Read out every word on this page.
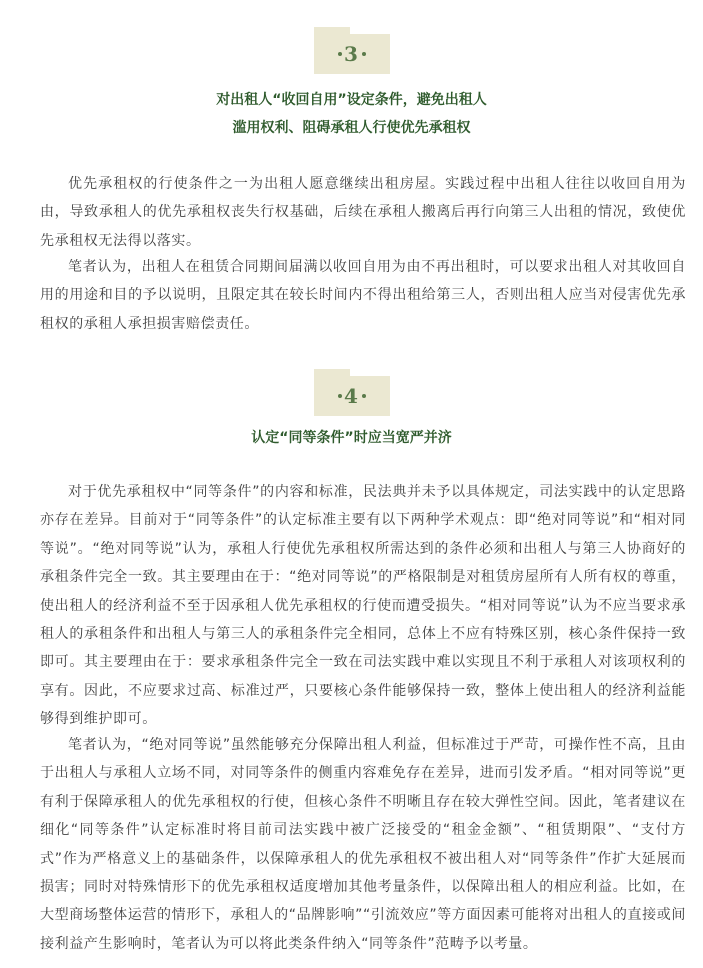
3
对出租人“收回自用”设定条件，避免出租人
滥用权利、阻碍承租人行使优先承租权

优先承租权的行使条件之一为出租人愿意继续出租房屋。实践过程中出租人往往以收回自用为由，导致承租人的优先承租权丧失行权基础，后续在承租人搬离后再行向第三人出租的情况，致使优先承租权无法得以落实。

笔者认为，出租人在租赁合同期间届满以收回自用为由不再出租时，可以要求出租人对其收回自用的用途和目的予以说明，且限定其在较长时间内不得出租给第三人，否则出租人应当对侵害优先承租权的承租人承担损害赔偿责任。

4
认定“同等条件”时应当宽严并济

对于优先承租权中“同等条件”的内容和标准，民法典并未予以具体规定，司法实践中的认定思路亦存在差异。目前对于“同等条件”的认定标准主要有以下两种学术观点：即“绝对同等说”和“相对同等说”。“绝对同等说”认为，承租人行使优先承租权所需达到的条件必须和出租人与第三人协商好的承租条件完全一致。其主要理由在于：“绝对同等说”的严格限制是对租赁房屋所有人所有权的尊重，使出租人的经济利益不至于因承租人优先承租权的行使而遭受损失。“相对同等说”认为不应当要求承租人的承租条件和出租人与第三人的承租条件完全相同，总体上不应有特殊区别，核心条件保持一致即可。其主要理由在于：要求承租条件完全一致在司法实践中难以实现且不利于承租人对该项权利的享有。因此，不应要求过高、标准过严，只要核心条件能够保持一致，整体上使出租人的经济利益能够得到维护即可。

笔者认为，“绝对同等说”虽然能够充分保障出租人利益，但标准过于严苛，可操作性不高，且由于出租人与承租人立场不同，对同等条件的侧重内容难免存在差异，进而引发矛盾。“相对同等说”更有利于保障承租人的优先承租权的行使，但核心条件不明晰且存在较大弹性空间。因此，笔者建议在细化“同等条件”认定标准时将目前司法实践中被广泛接受的“租金金额”、“租赁期限”、“支付方式”作为严格意义上的基础条件，以保障承租人的优先承租权不被出租人对“同等条件”作扩大延展而损害；同时对特殊情形下的优先承租权适度增加其他考量条件，以保障出租人的相应利益。比如，在大型商场整体运营的情形下，承租人的“品牌影响”“引流效应”等方面因素可能将对出租人的直接或间接利益产生影响时，笔者认为可以将此类条件纳入“同等条件”范畴予以考量。
